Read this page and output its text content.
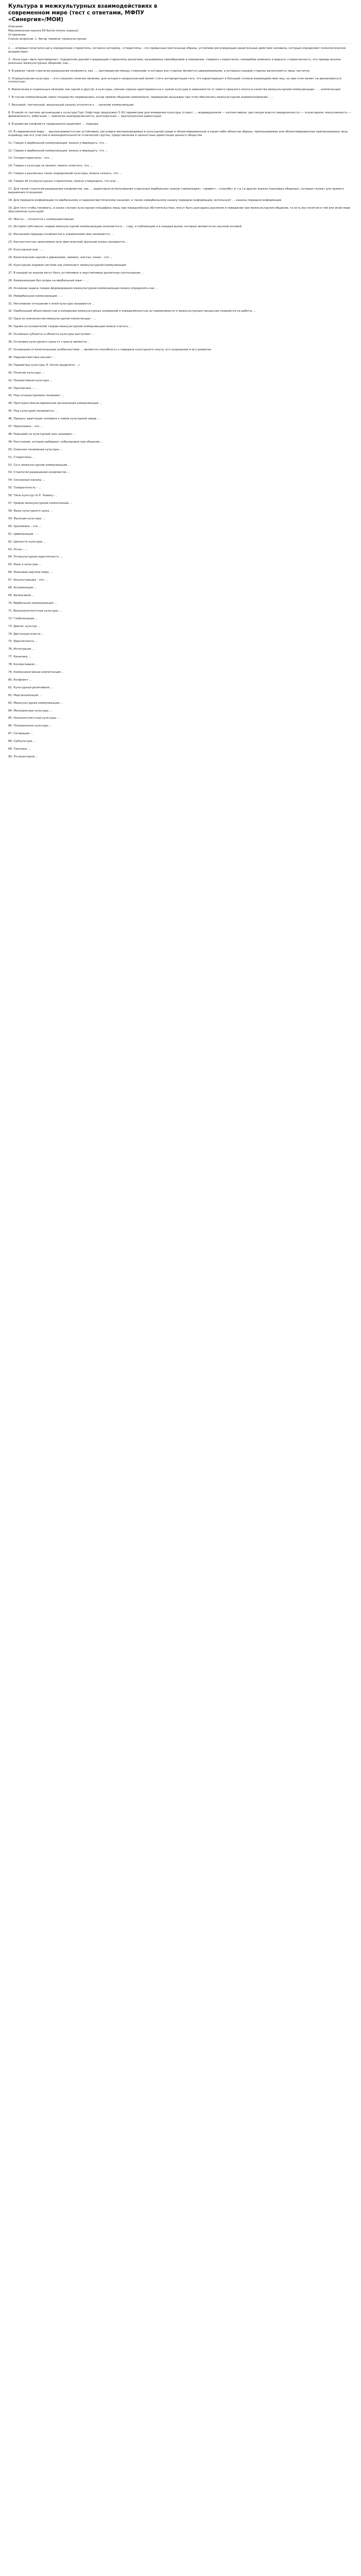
Культура в межкультурных взаимодействиях в современном мире (тест с ответами, МФПУ «Синергия»/МОИ)

Описание

Максимальная оценка 83 балла (очень хорошо)

Оглавление

Список вопросов: 1. Автор термина «межкультурное

2. … впервые попытался дать определение стереотипа, согласно которому, «стереотипы – это привычные ментальные образы, устойчиво регулирующие решительные действия человека, которые определяют психологическое воздействие»

3. «Культура» явно противоречит, подкрепляя данной страдающей стереотипы различиях, вызываемых своеобразием в поведении, говорить стереотипно, наперебои изменить и вернуть стереотипность, это пример вполне реальных межкультурных общений, как…

4. В рамках такой стратегии разрешения конфликта, как …, противоречия между сторонами, в которых все стороны являются сдерживаемыми, а интересы каждой стороны выполняются лишь частично

5. Отрицательная культура – «это слишком сложное явление, для которого неоднозначной может стать интерпретация того, что характеризует в большей степени взаимодействие лиц, но при этом может не реализоваться полностью»

6. Вовлечение в социальных явлений, как одной и другой, в культуры, умение хорошо адаптироваться к чужой культуре в зависимости от своего прошлого опыта и качества межкультурной коммуникации – … компетенция

7. В случае коммуникации через посредство переводчика, когда прямое общение невозможно, переводчик вынужден при этом обеспечить межкультурное взаимопонимание – …

7. Вкусовой, тактильный, визуальный каналы относятся к … каналам коммуникации

8. В какой-то тактике организации к культуре Герт Хофстеде предложил 5 (6) параметров для измерения культуры (стран) …: индивидуализм — коллективизм, дистанция власти (иерархичность) — эгалитаризм, маскулинность — фемининность, избегание — принятие неопределенности, долгосрочная — краткосрочная ориентация

9. В развитии конфликта традиционно выделяют … периода

10. В современном мире … рассматриваются как устойчивые, регулярно воспроизводимые в культурной среде и объективированные в каких-либо объектах образы, приписываемые или объективированные приписываемые лицу индивиду как его участию в жизнедеятельности этнической группы, представления и ценностные ориентации данного общества

11. Говоря о вербальной коммуникации, можно утверждать, что …

12. Говоря о вербальной коммуникации, можно утверждать, что …

13. Гетеростереотипы – это …

14. Говоря о культуре (в связке), можно отметить, что …

15. Говоря о различных типах определений культуры, можно сказать, что …

16. Говоря об этнокультурных стереотипах, можно утверждать, что они …

17. Для такой стратегии разрешения конфликтов, как … характерна использования отдельных вербальных знаков («википедия», «привет», «спасибо» и т.д.) в других языках (языковых общинах), которые служат для прямого выражения отношения

18. Для передачи информации по вербальному и паралингвистическому каналам, а также невербальному каналу передачи информации, используют … каналы передачи информации

19. Для того чтобы понимать, в каких случаях культурная специфика лишь при определённых обстоятельствах, могут быть разгаданы различия в поведении при межкультурном общении, то есть все понятия в той или иной мере обусловлены культурой

20. Жесты … относятся к коммуникативным

21. Истории собственно теории межкультурной коммуникации начинается в … году, в публикации и в каждый вызов, которые являются ее научной основой

22. Изучением природы конфликтов и управлением ими занимается …

23. Контактностью проксемики (или фактической) функции языка называется …

24. Культурный шок – …

25. Кинетической наукой о движениях, мимике, жестах, позах – это …

26. Культурная кодовая система как компонент межкультурной коммуникации

27. В каждой из языков могут быть устойчивые и неустойчивые различные соотношения …

28. Коммуникация без опоры на вербальный язык – …

29. Основная задача теории формирования межкультурной коммуникации можно определить как …

30. Невербальная коммуникация – …

31. Негативное отношение к иной культуре называется …

32. Наибольшей объективностью в измерении межкультурных измерений и определённостью их применимости к межкультурным процессам опираются на работы …

33. Одна из компонентов межкультурной компетенции – …

34. Одним из основателей теории межкультурной коммуникации можно считать …

35. Основные субъекты и объекты культуры выступают …

36. Отличием культурного шока от стресса является…

37. Основными отличительными особенностями … являются способность к передаче культурного опыта, его сохранения и его развития

38. Паралингвистика изучает …

39. Параметры культуры Э. Холла (выделите …)

40. Понятие культуры …

41. Полиактивная культура …

42. Прагматика – …

43. Под этноцентризмом понимают …

44. Пространственно-временная организация коммуникации …

45. Под культурой понимается …

46. Процесс адаптации человека к новой культурной среде …

47. Проксемика – это …

48. Реакцией на культурный шок называют …

49. Расстояние, которое выбирают собеседники при общении …

50. Сквозное понимание культуры …

51. Стереотипы …

52. Суть межкультурной коммуникации …

53. Стратегия разрешения конфликтов …

54. Сенсорные каналы …

55. Толерантность – …

56. Типы культур по Р. Льюису …

57. Уровни межкультурной компетенции …

58. Фазы культурного шока …

59. Функции культуры …

60. Хронемика – это …

61. Цивилизация – …

62. Ценности культуры …

63. Этнос – …

64. Этнокультурная идентичность …

65. Язык и культура …

66. Языковая картина мира …

67. Аккультурация – это …

68. Ассимиляция …

69. Билингвизм …

70. Вербальная коммуникация …

71. Высококонтекстные культуры …

72. Глобализация …

73. Диалог культур …

74. Дистанция власти …

75. Идентичность …

76. Интеграция …

77. Кинесика …

78. Коллективизм …

79. Коммуникативная компетенция …

80. Конфликт …

81. Культурный релятивизм …

82. Маргинализация …

83. Межкультурная коммуникация …

84. Монохронные культуры …

85. Низкоконтекстные культуры …

86. Полихронные культуры …

87. Сепарация …

88. Субкультура …

89. Такесика …

90. Этноцентризм …
